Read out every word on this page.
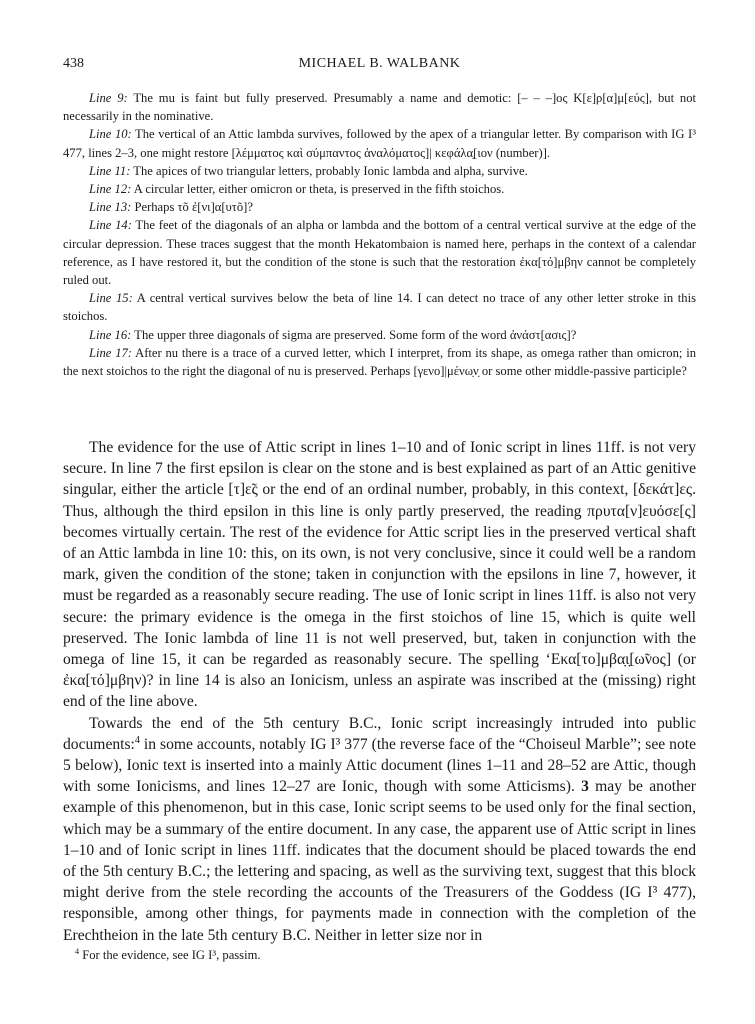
438	MICHAEL B. WALBANK

Line 9: The mu is faint but fully preserved. Presumably a name and demotic: [– – –]ος Κ[ε]ρ[α]μ[εύς], but not necessarily in the nominative.

Line 10: The vertical of an Attic lambda survives, followed by the apex of a triangular letter. By comparison with IG I³ 477, lines 2–3, one might restore [λέμματος καὶ σύμπαντος ἀναλόματος]| κεφάλα̣[ιον (number)].

Line 11: The apices of two triangular letters, probably Ionic lambda and alpha, survive.

Line 12: A circular letter, either omicron or theta, is preserved in the fifth stoichos.

Line 13: Perhaps τõ ἐ[νι]α[υτõ]?

Line 14: The feet of the diagonals of an alpha or lambda and the bottom of a central vertical survive at the edge of the circular depression. These traces suggest that the month Hekatombaion is named here, perhaps in the context of a calendar reference, as I have restored it, but the condition of the stone is such that the restoration ἐκα[τό]μβην cannot be completely ruled out.

Line 15: A central vertical survives below the beta of line 14. I can detect no trace of any other letter stroke in this stoichos.

Line 16: The upper three diagonals of sigma are preserved. Some form of the word ἀνάστ[ασις]?

Line 17: After nu there is a trace of a curved letter, which I interpret, from its shape, as omega rather than omicron; in the next stoichos to the right the diagonal of nu is preserved. Perhaps [γενο]|μένω̣ν̣ or some other middle-passive participle?

The evidence for the use of Attic script in lines 1–10 and of Ionic script in lines 11ff. is not very secure. In line 7 the first epsilon is clear on the stone and is best explained as part of an Attic genitive singular, either the article [τ]ε̃ς or the end of an ordinal number, probably, in this context, [δεκάτ]ες. Thus, although the third epsilon in this line is only partly preserved, the reading πρυτα[ν]ευόσε[ς] becomes virtually certain. The rest of the evidence for Attic script lies in the preserved vertical shaft of an Attic lambda in line 10: this, on its own, is not very conclusive, since it could well be a random mark, given the condition of the stone; taken in conjunction with the epsilons in line 7, however, it must be regarded as a reasonably secure reading. The use of Ionic script in lines 11ff. is also not very secure: the primary evidence is the omega in the first stoichos of line 15, which is quite well preserved. The Ionic lambda of line 11 is not well preserved, but, taken in conjunction with the omega of line 15, it can be regarded as reasonably secure. The spelling ‘Εκα[το]μβα̣ι̣[ω̃νος] (or ἐκα[τό]μβην)? in line 14 is also an Ionicism, unless an aspirate was inscribed at the (missing) right end of the line above.

Towards the end of the 5th century B.C., Ionic script increasingly intruded into public documents:$^4$ in some accounts, notably IG I³ 377 (the reverse face of the “Choiseul Marble”; see note 5 below), Ionic text is inserted into a mainly Attic document (lines 1–11 and 28–52 are Attic, though with some Ionicisms, and lines 12–27 are Ionic, though with some Atticisms). 3 may be another example of this phenomenon, but in this case, Ionic script seems to be used only for the final section, which may be a summary of the entire document. In any case, the apparent use of Attic script in lines 1–10 and of Ionic script in lines 11ff. indicates that the document should be placed towards the end of the 5th century B.C.; the lettering and spacing, as well as the surviving text, suggest that this block might derive from the stele recording the accounts of the Treasurers of the Goddess (IG I³ 477), responsible, among other things, for payments made in connection with the completion of the Erechtheion in the late 5th century B.C. Neither in letter size nor in

$^4$ For the evidence, see IG I³, passim.
